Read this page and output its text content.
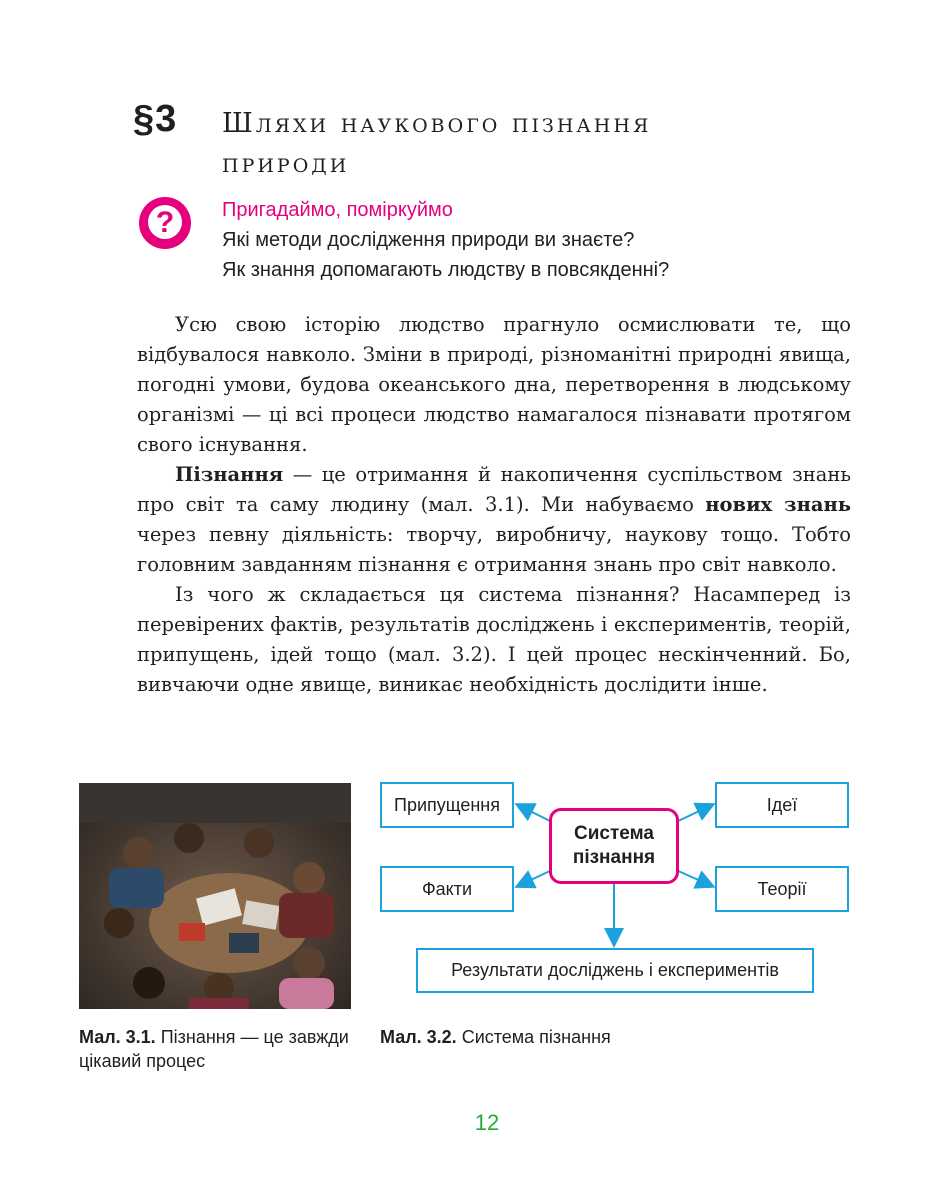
§3 Шляхи наукового пізнання
природи
?	Пригадаймо, поміркуймо
Які методи дослідження природи ви знаєте?
Як знання допомагають людству в повсякденні?

Усю свою історію людство прагнуло осмислювати те, що відбувалося навколо. Зміни в природі, різноманітні природні явища, погодні умови, будова океанського дна, перетворення в людському організмі — ці всі процеси людство намагалося пізнавати протягом свого існування.

Пізнання — це отримання й накопичення суспільством знань про світ та саму людину (мал. 3.1). Ми набуваємо нових знань через певну діяльність: творчу, виробничу, наукову тощо. Тобто головним завданням пізнання є отримання знань про світ навколо.

Із чого ж складається ця система пізнання? Насамперед із перевірених фактів, результатів досліджень і експериментів, теорій, припущень, ідей тощо (мал. 3.2). І цей процес нескінченний. Бо, вивчаючи одне явище, виникає необхідність дослідити інше.

Припущення	Ідеї
Факти	Теорії
Результати досліджень і експериментів
Система
пізнання
Мал. 3.1. Пізнання — це завжди цікавий процес
Мал. 3.2. Система пізнання
12
